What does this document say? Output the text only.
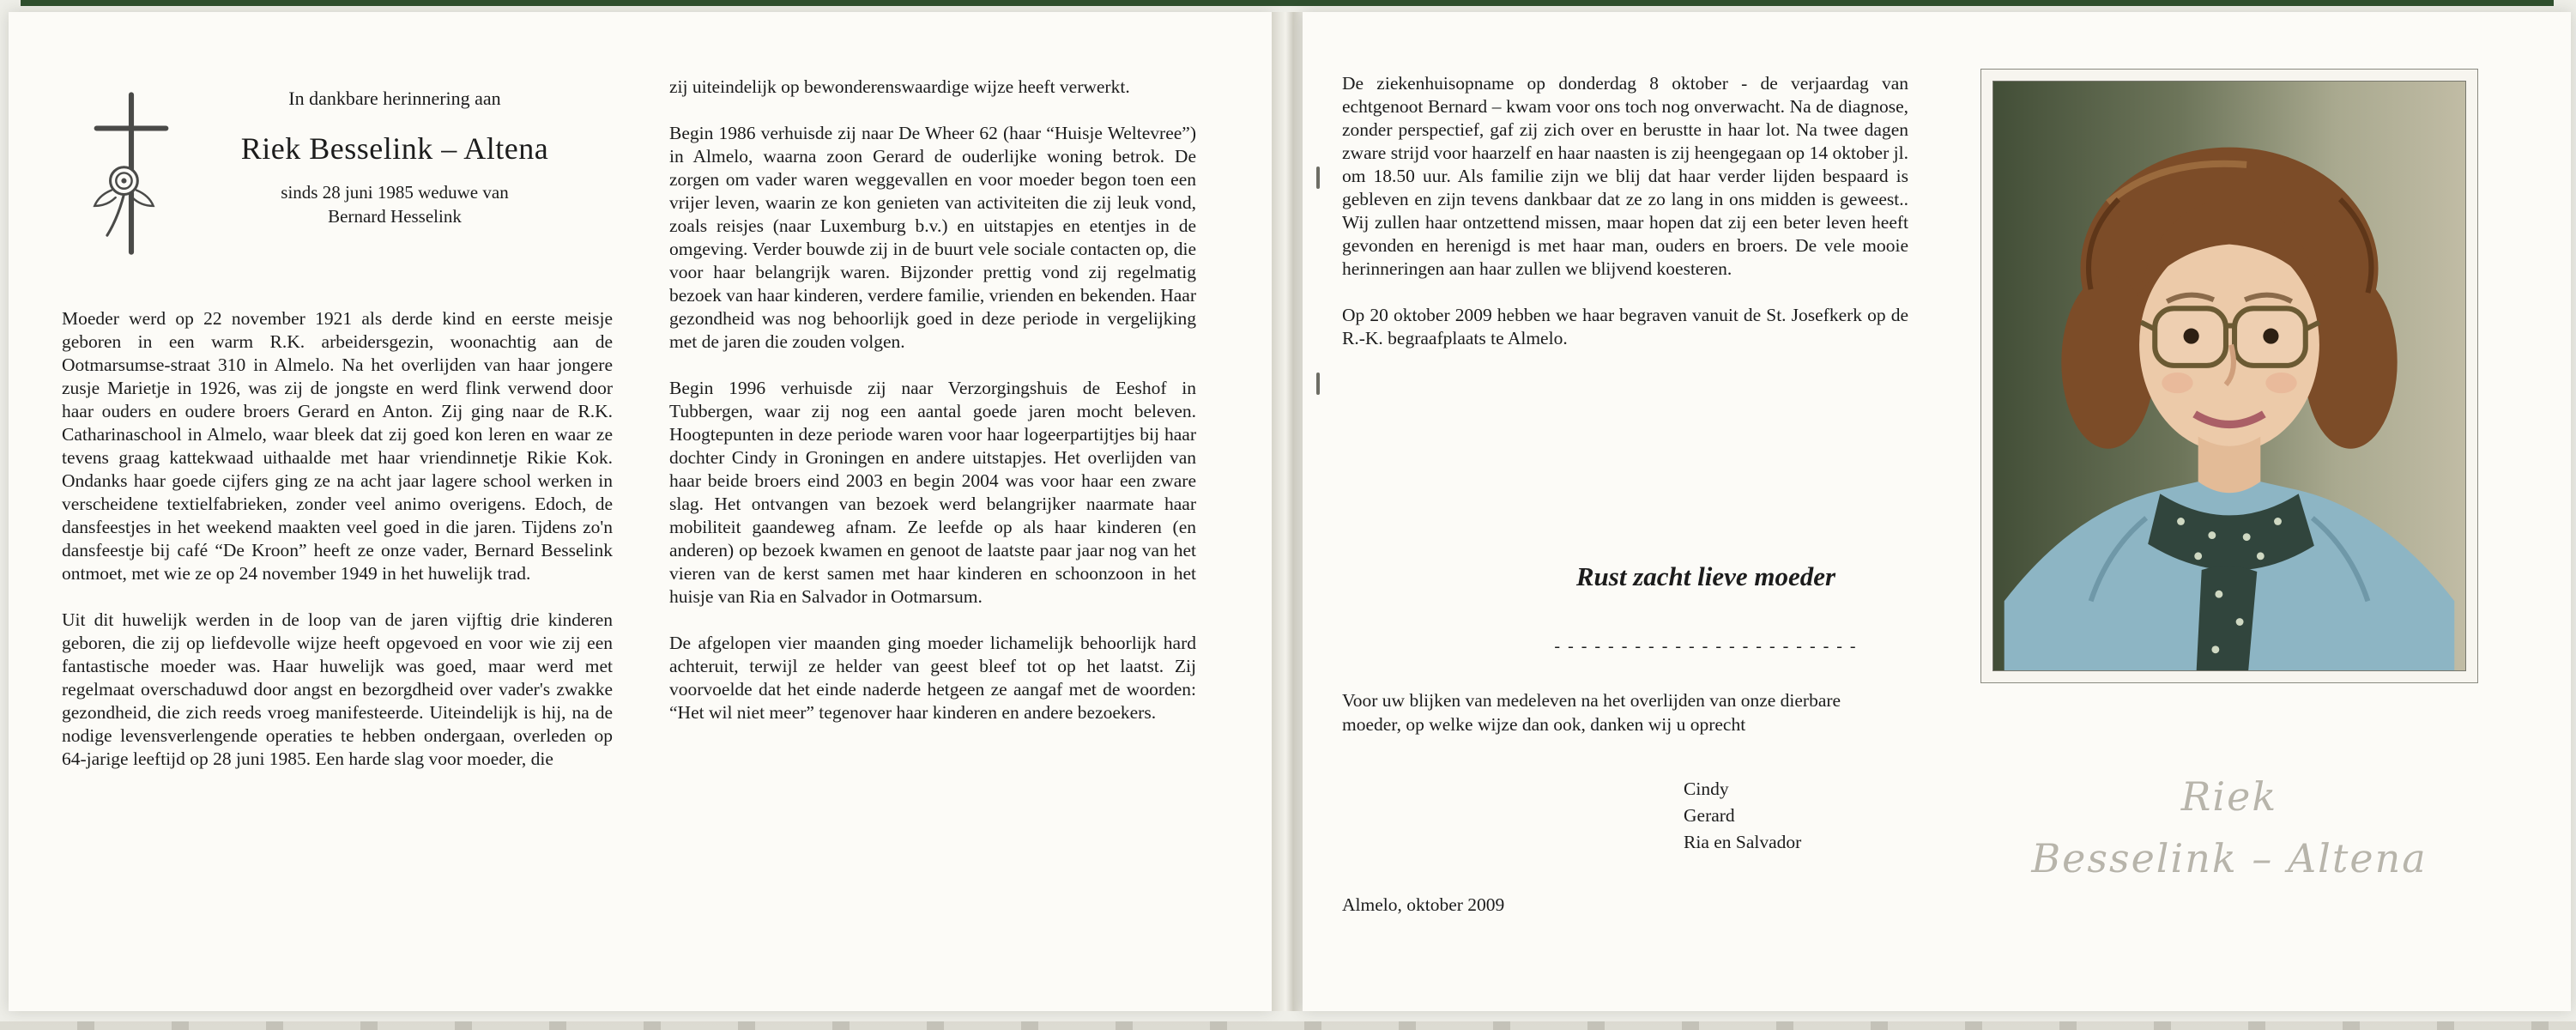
In dankbare herinnering aan
Riek Besselink – Altena
sinds 28 juni 1985 weduwe van
Bernard Hesselink

Moeder werd op 22 november 1921 als derde kind en eerste meisje geboren in een warm R.K. arbeidersgezin, woonachtig aan de Ootmarsumse-straat 310 in Almelo. Na het overlijden van haar jongere zusje Marietje in 1926, was zij de jongste en werd flink verwend door haar ouders en oudere broers Gerard en Anton. Zij ging naar de R.K. Catharinaschool in Almelo, waar bleek dat zij goed kon leren en waar ze tevens graag kattekwaad uithaalde met haar vriendinnetje Rikie Kok. Ondanks haar goede cijfers ging ze na acht jaar lagere school werken in verscheidene textielfabrieken, zonder veel animo overigens. Edoch, de dansfeestjes in het weekend maakten veel goed in die jaren. Tijdens zo'n dansfeestje bij café “De Kroon” heeft ze onze vader, Bernard Besselink ontmoet, met wie ze op 24 november 1949 in het huwelijk trad.

Uit dit huwelijk werden in de loop van de jaren vijftig drie kinderen geboren, die zij op liefdevolle wijze heeft opgevoed en voor wie zij een fantastische moeder was. Haar huwelijk was goed, maar werd met regelmaat overschaduwd door angst en bezorgdheid over vader's zwakke gezondheid, die zich reeds vroeg manifesteerde. Uiteindelijk is hij, na de nodige levensverlengende operaties te hebben ondergaan, overleden op 64-jarige leeftijd op 28 juni 1985. Een harde slag voor moeder, die

zij uiteindelijk op bewonderenswaardige wijze heeft verwerkt.

Begin 1986 verhuisde zij naar De Wheer 62 (haar “Huisje Weltevree”) in Almelo, waarna zoon Gerard de ouderlijke woning betrok. De zorgen om vader waren weggevallen en voor moeder begon toen een vrijer leven, waarin ze kon genieten van activiteiten die zij leuk vond, zoals reisjes (naar Luxemburg b.v.) en uitstapjes en etentjes in de omgeving. Verder bouwde zij in de buurt vele sociale contacten op, die voor haar belangrijk waren. Bijzonder prettig vond zij regelmatig bezoek van haar kinderen, verdere familie, vrienden en bekenden. Haar gezondheid was nog behoorlijk goed in deze periode in vergelijking met de jaren die zouden volgen.

Begin 1996 verhuisde zij naar Verzorgingshuis de Eeshof in Tubbergen, waar zij nog een aantal goede jaren mocht beleven. Hoogtepunten in deze periode waren voor haar logeerpartijtjes bij haar dochter Cindy in Groningen en andere uitstapjes. Het overlijden van haar beide broers eind 2003 en begin 2004 was voor haar een zware slag. Het ontvangen van bezoek werd belangrijker naarmate haar mobiliteit gaandeweg afnam. Ze leefde op als haar kinderen (en anderen) op bezoek kwamen en genoot de laatste paar jaar nog van het vieren van de kerst samen met haar kinderen en schoonzoon in het huisje van Ria en Salvador in Ootmarsum.

De afgelopen vier maanden ging moeder lichamelijk behoorlijk hard achteruit, terwijl ze helder van geest bleef tot op het laatst. Zij voorvoelde dat het einde naderde hetgeen ze aangaf met de woorden: “Het wil niet meer” tegenover haar kinderen en andere bezoekers.

De ziekenhuisopname op donderdag 8 oktober - de verjaardag van echtgenoot Bernard – kwam voor ons toch nog onverwacht. Na de diagnose, zonder perspectief, gaf zij zich over en berustte in haar lot. Na twee dagen zware strijd voor haarzelf en haar naasten is zij heengegaan op 14 oktober jl. om 18.50 uur. Als familie zijn we blij dat haar verder lijden bespaard is gebleven en zijn tevens dankbaar dat ze zo lang in ons midden is geweest.. Wij zullen haar ontzettend missen, maar hopen dat zij een beter leven heeft gevonden en herenigd is met haar man, ouders en broers. De vele mooie herinneringen aan haar zullen we blijvend koesteren.

Op 20 oktober 2009 hebben we haar begraven vanuit de St. Josefkerk op de R.-K. begraafplaats te Almelo.

Rust zacht lieve moeder
- - - - - - - - - - - - - - - - - - - - - - -
Voor uw blijken van medeleven na het overlijden van onze dierbare moeder, op welke wijze dan ook, danken wij u oprecht
Cindy
Gerard
Ria en Salvador
Almelo, oktober 2009
Riek
Besselink – Altena
